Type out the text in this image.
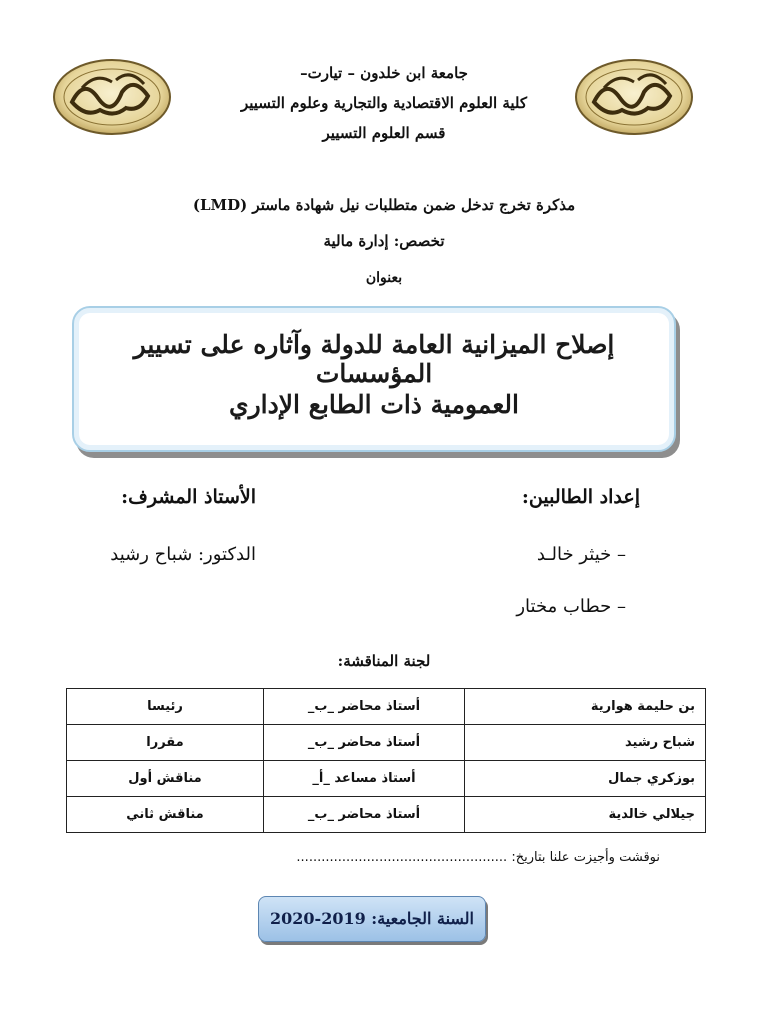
جامعة ابن خلدون – تيارت–
كلية العلوم الاقتصادية والتجارية وعلوم التسيير
قسم العلوم التسيير
مذكرة تخرج تدخل ضمن متطلبات نيل شهادة ماستر (LMD)
تخصص: إدارة مالية
بعنوان
إصلاح الميزانية العامة للدولة وآثاره على تسيير المؤسسات
العمومية ذات الطابع الإداري
إعداد الطالبين:
الأستاذ المشرف:
– خيثر خالـد
– حطاب مختار
الدكتور: شباح رشيد
لجنة المناقشة:
بن حليمة هوارية	أستاذ محاضر _ب_	رئيسا
شباح رشيد	أستاذ محاضر _ب_	مقررا
بوزكري جمال	أستاذ مساعد _أ_	مناقش أول
جيلالي خالدية	أستاذ محاضر _ب_	مناقش ثاني
نوقشت وأجيزت علنا بتاريخ: ...................................................
السنة الجامعية: 2019-2020
